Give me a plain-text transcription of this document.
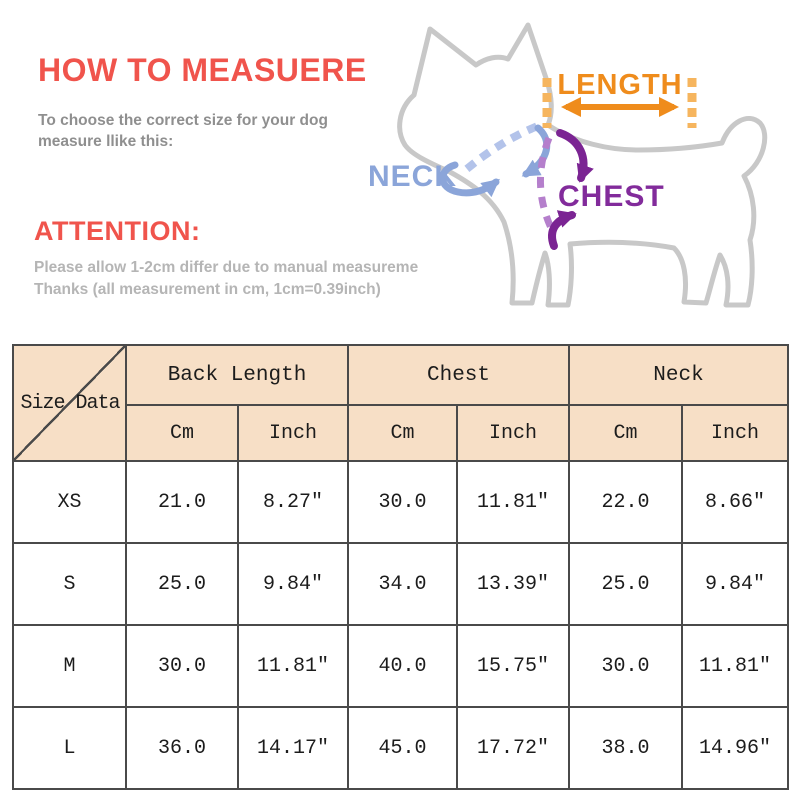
HOW TO MEASUERE

To choose the correct size for your dog
measure llike this:

ATTENTION:

Please allow 1-2cm differ due to manual measureme

Thanks (all measurement in cm, 1cm=0.39inch)

LENGTH
NECK
CHEST
Size Data	Back Length		Chest		Neck	
	Cm	Inch	Cm	Inch	Cm	Inch
XS	21.0	8.27″	30.0	11.81″	22.0	8.66″
S	25.0	9.84″	34.0	13.39″	25.0	9.84″
M	30.0	11.81″	40.0	15.75″	30.0	11.81″
L	36.0	14.17″	45.0	17.72″	38.0	14.96″
